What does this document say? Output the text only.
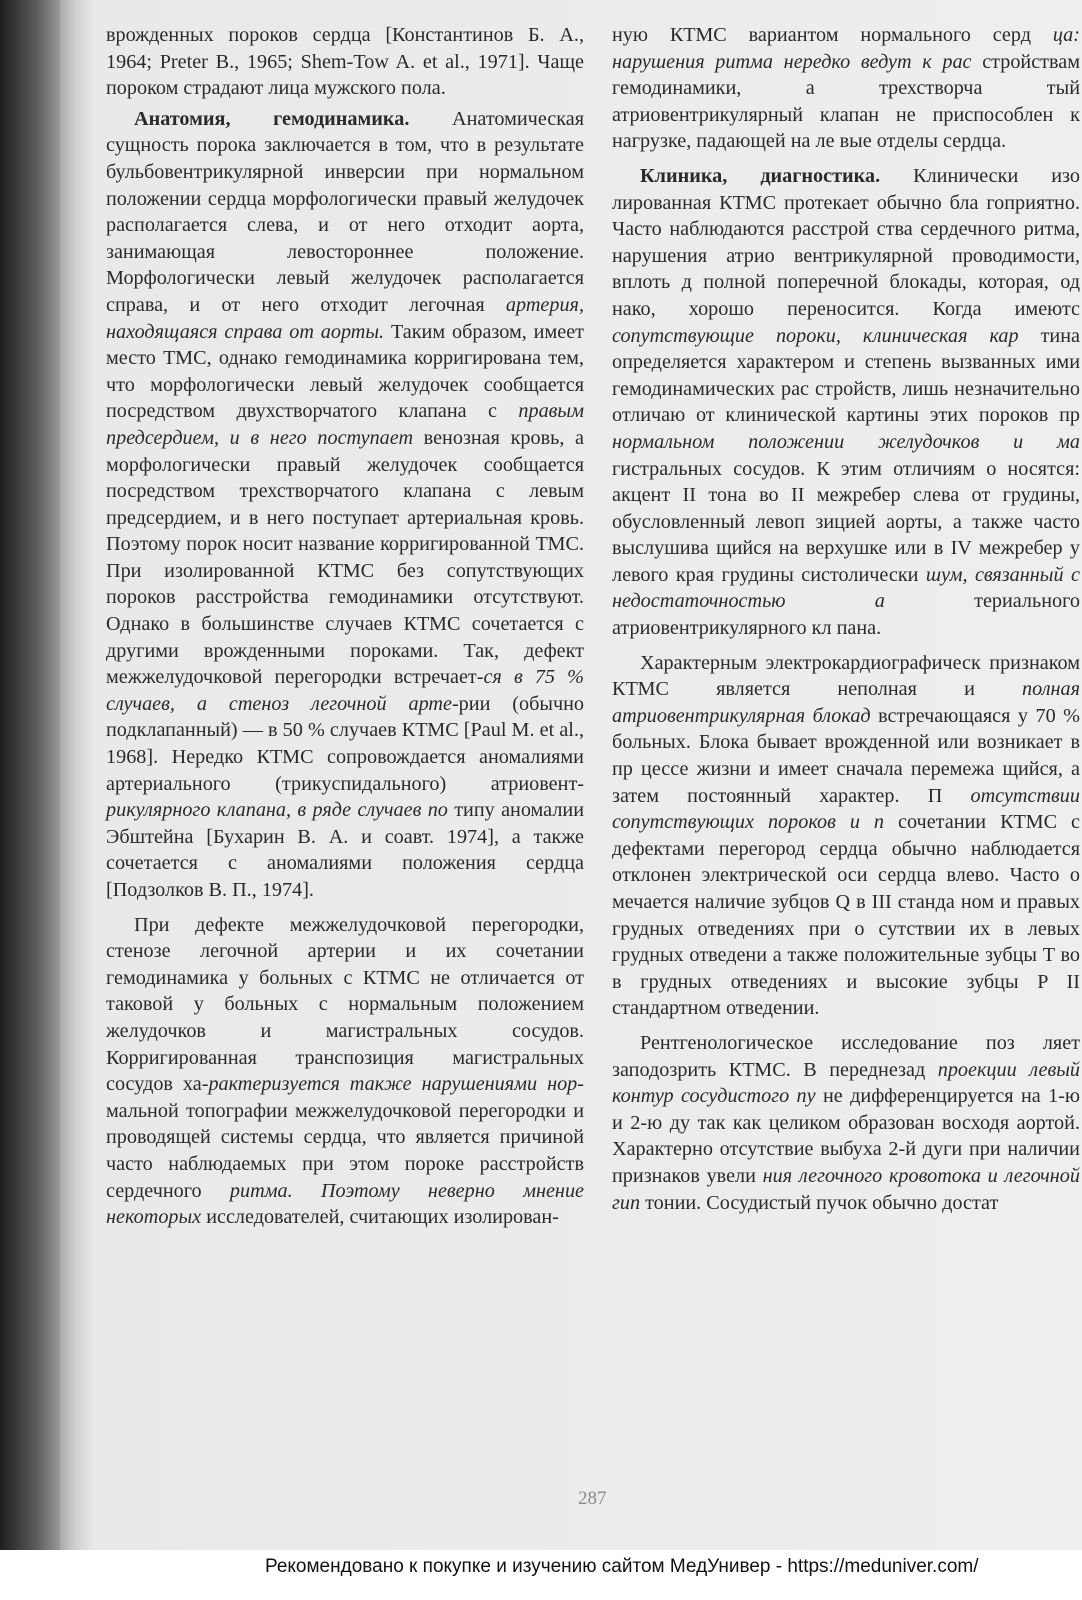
врожденных пороков сердца [Константинов Б. А., 1964; Preter B., 1965; Shem-Tow A. et al., 1971]. Чаще пороком страдают лица мужского пола.

Анатомия, гемодинамика. Анатомическая сущность порока заключается в том, что в результате бульбовентрикулярной инверсии при нормальном положении сердца морфологически правый желудочек располагается слева, и от него отходит аорта, занимающая левостороннее положение. Морфологически левый желудочек располагается справа, и от него отходит легочная артерия, находящаяся справа от аорты. Таким образом, имеет место ТМС, однако гемодинамика корригирована тем, что морфологически левый желудочек сообщается посредством двухстворчатого клапана с правым предсердием, и в него поступает венозная кровь, а морфологически правый желудочек сообщается посредством трехстворчатого клапана с левым предсердием, и в него поступает артериальная кровь. Поэтому порок носит название корригированной ТМС. При изолированной КТМС без сопутствующих пороков расстройства гемодинамики отсутствуют. Однако в большинстве случаев КТМС сочетается с другими врожденными пороками. Так, дефект межжелудочковой перегородки встречает-ся в 75 % случаев, а стеноз легочной арте-рии (обычно подклапанный) — в 50 % случаев КТМС [Paul M. et al., 1968]. Нередко КТМС сопровождается аномалиями артериального (трикуспидального) атриовент-рикулярного клапана, в ряде случаев по типу аномалии Эбштейна [Бухарин В. А. и соавт. 1974], а также сочетается с аномалиями положения сердца [Подзолков В. П., 1974].

При дефекте межжелудочковой перегородки, стенозе легочной артерии и их сочетании гемодинамика у больных с КТМС не отличается от таковой у больных с нормальным положением желудочков и магистральных сосудов. Корригированная транспозиция магистральных сосудов ха-рактеризуется также нарушениями нор-мальной топографии межжелудочковой перегородки и проводящей системы сердца, что является причиной часто наблюдаемых при этом пороке расстройств сердечного ритма. Поэтому неверно мнение некоторых исследователей, считающих изолирован-

ную КТМС вариантом нормального серд ца: нарушения ритма нередко ведут к рас стройствам гемодинамики, а трехстворча тый атриовентрикулярный клапан не приспособлен к нагрузке, падающей на ле вые отделы сердца.

Клиника, диагностика. Клинически изо лированная КТМС протекает обычно бла гоприятно. Часто наблюдаются расстрой ства сердечного ритма, нарушения атрио вентрикулярной проводимости, вплоть д полной поперечной блокады, которая, од нако, хорошо переносится. Когда имеютс сопутствующие пороки, клиническая кар тина определяется характером и степень вызванных ими гемодинамических рас стройств, лишь незначительно отличаю от клинической картины этих пороков пр нормальном положении желудочков и ма гистральных сосудов. К этим отличиям о носятся: акцент II тона во II межребер слева от грудины, обусловленный левоп зицией аорты, а также часто выслушива щийся на верхушке или в IV межребер у левого края грудины систолически шум, связанный с недостаточностью а териального атриовентрикулярного кл пана.

Характерным электрокардиографическ признаком КТМС является неполная и полная атриовентрикулярная блокад встречающаяся у 70 % больных. Блока бывает врожденной или возникает в пр цессе жизни и имеет сначала перемежа щийся, а затем постоянный характер. П отсутствии сопутствующих пороков и п сочетании КТМС с дефектами перегород сердца обычно наблюдается отклонен электрической оси сердца влево. Часто о мечается наличие зубцов Q в III станда ном и правых грудных отведениях при о сутствии их в левых грудных отведени а также положительные зубцы T во в грудных отведениях и высокие зубцы P II стандартном отведении.

Рентгенологическое исследование поз ляет заподозрить КТМС. В переднезад проекции левый контур сосудистого пу не дифференцируется на 1-ю и 2-ю ду так как целиком образован восходя аортой. Характерно отсутствие выбуха 2-й дуги при наличии признаков увели ния легочного кровотока и легочной гип тонии. Сосудистый пучок обычно достат

287
Рекомендовано к покупке и изучению сайтом МедУнивер - https://meduniver.com/
